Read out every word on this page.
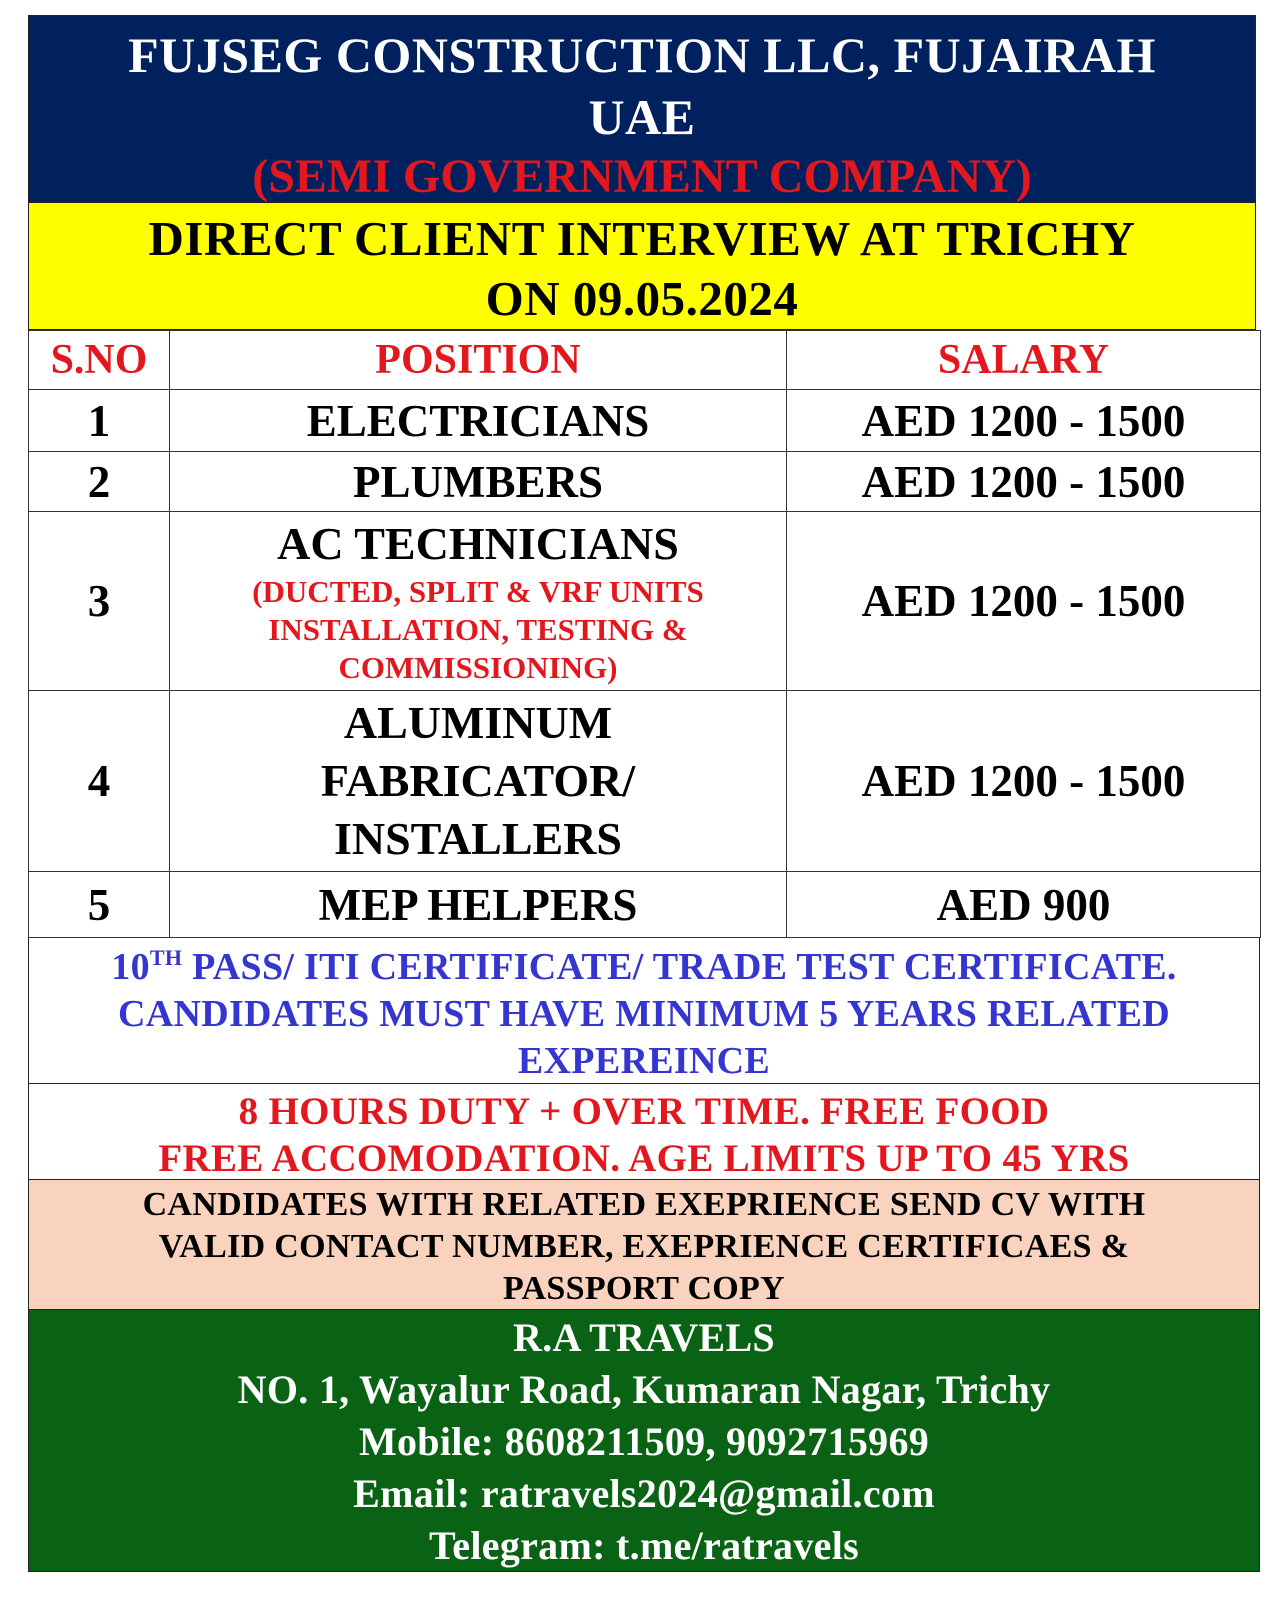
FUJSEG CONSTRUCTION LLC, FUJAIRAH
UAE
(SEMI GOVERNMENT COMPANY)
DIRECT CLIENT INTERVIEW AT TRICHY
ON 09.05.2024
S.NO	POSITION	SALARY
1	ELECTRICIANS	AED 1200 - 1500
2	PLUMBERS	AED 1200 - 1500
3	AC TECHNICIANS
(DUCTED, SPLIT & VRF UNITS
INSTALLATION, TESTING &
COMMISSIONING)	AED 1200 - 1500
4	ALUMINUM
FABRICATOR/
INSTALLERS	AED 1200 - 1500
5	MEP HELPERS	AED 900
10TH PASS/ ITI CERTIFICATE/ TRADE TEST CERTIFICATE.
CANDIDATES MUST HAVE MINIMUM 5 YEARS RELATED
EXPEREINCE
8 HOURS DUTY + OVER TIME. FREE FOOD
FREE ACCOMODATION. AGE LIMITS UP TO 45 YRS
CANDIDATES WITH RELATED EXEPRIENCE SEND CV WITH
VALID CONTACT NUMBER, EXEPRIENCE CERTIFICAES &
PASSPORT COPY
R.A TRAVELS
NO. 1, Wayalur Road, Kumaran Nagar, Trichy
Mobile: 8608211509, 9092715969
Email: ratravels2024@gmail.com
Telegram: t.me/ratravels
